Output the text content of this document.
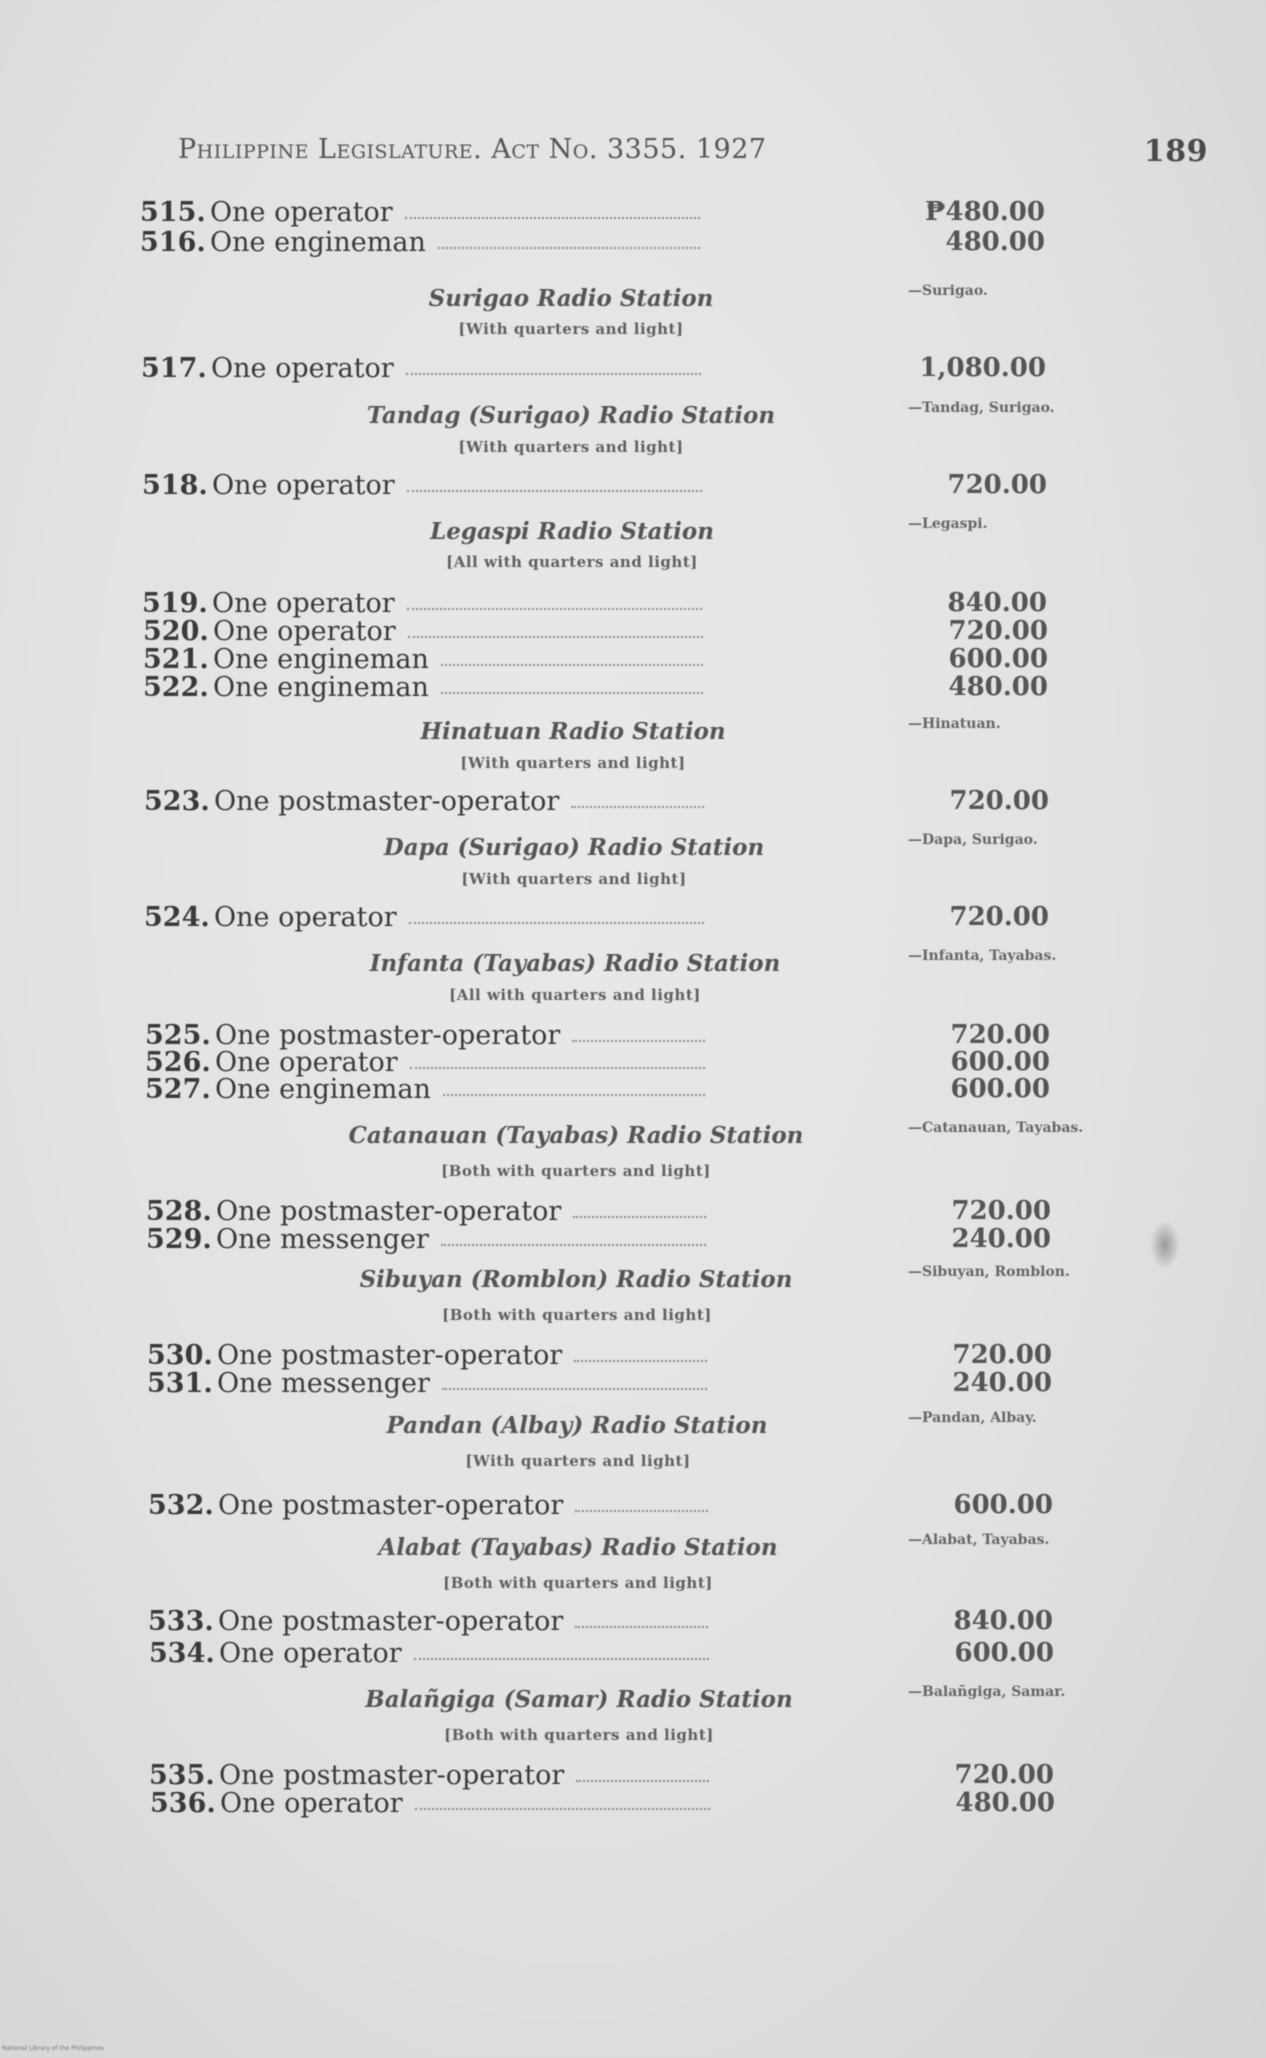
Philippine Legislature. Act No. 3355. 1927	189
515. One operator	₱480.00
516. One engineman	480.00
Surigao Radio Station
[With quarters and light]
—Surigao.
517. One operator	1,080.00
Tandag (Surigao) Radio Station
[With quarters and light]
—Tandag, Surigao.
518. One operator	720.00
Legaspi Radio Station
[All with quarters and light]
—Legaspi.
519. One operator	840.00
520. One operator	720.00
521. One engineman	600.00
522. One engineman	480.00
Hinatuan Radio Station
[With quarters and light]
—Hinatuan.
523. One postmaster-operator	720.00
Dapa (Surigao) Radio Station
[With quarters and light]
—Dapa, Surigao.
524. One operator	720.00
Infanta (Tayabas) Radio Station
[All with quarters and light]
—Infanta, Tayabas.
525. One postmaster-operator	720.00
526. One operator	600.00
527. One engineman	600.00
Catanauan (Tayabas) Radio Station
[Both with quarters and light]
—Catanauan, Tayabas.
528. One postmaster-operator	720.00
529. One messenger	240.00
Sibuyan (Romblon) Radio Station
[Both with quarters and light]
—Sibuyan, Romblon.
530. One postmaster-operator	720.00
531. One messenger	240.00
Pandan (Albay) Radio Station
[With quarters and light]
—Pandan, Albay.
532. One postmaster-operator	600.00
Alabat (Tayabas) Radio Station
[Both with quarters and light]
—Alabat, Tayabas.
533. One postmaster-operator	840.00
534. One operator	600.00
Balañgiga (Samar) Radio Station
[Both with quarters and light]
—Balañgiga, Samar.
535. One postmaster-operator	720.00
536. One operator	480.00
National Library of the Philippines
